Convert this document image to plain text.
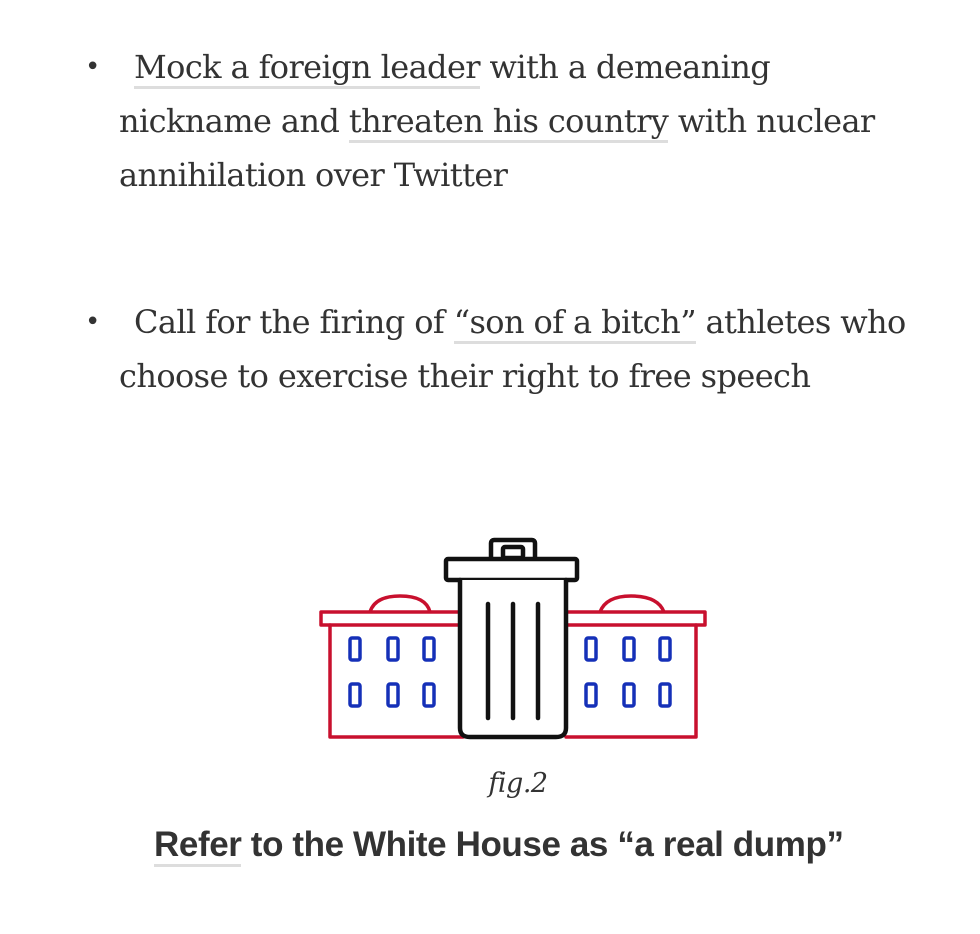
• Mock a foreign leader with a demeaning nickname and threaten his country with nuclear annihilation over Twitter
• Call for the firing of “son of a bitch” athletes who choose to exercise their right to free speech
fig.2
Refer to the White House as “a real dump”
